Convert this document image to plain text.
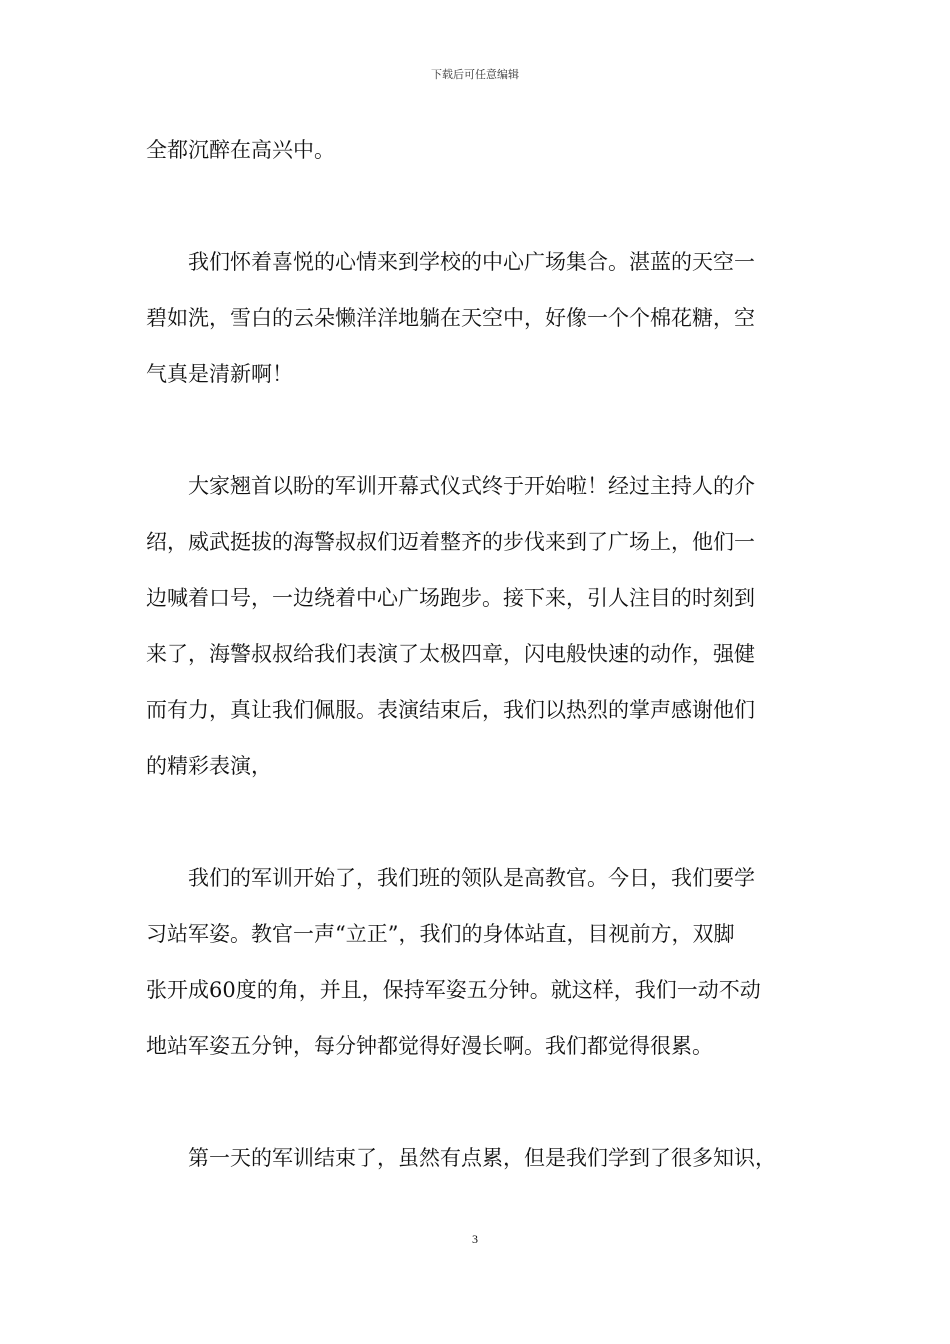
下载后可任意编辑
全都沉醉在高兴中。
　　我们怀着喜悦的心情来到学校的中心广场集合。湛蓝的天空一
碧如洗，雪白的云朵懒洋洋地躺在天空中，好像一个个棉花糖，空
气真是清新啊！
　　大家翘首以盼的军训开幕式仪式终于开始啦！经过主持人的介
绍，威武挺拔的海警叔叔们迈着整齐的步伐来到了广场上，他们一
边喊着口号，一边绕着中心广场跑步。接下来，引人注目的时刻到
来了，海警叔叔给我们表演了太极四章，闪电般快速的动作，强健
而有力，真让我们佩服。表演结束后，我们以热烈的掌声感谢他们
的精彩表演，
　　我们的军训开始了，我们班的领队是高教官。今日，我们要学
习站军姿。教官一声“立正”，我们的身体站直，目视前方，双脚
张开成60度的角，并且，保持军姿五分钟。就这样，我们一动不动
地站军姿五分钟，每分钟都觉得好漫长啊。我们都觉得很累。
　　第一天的军训结束了，虽然有点累，但是我们学到了很多知识，
3
